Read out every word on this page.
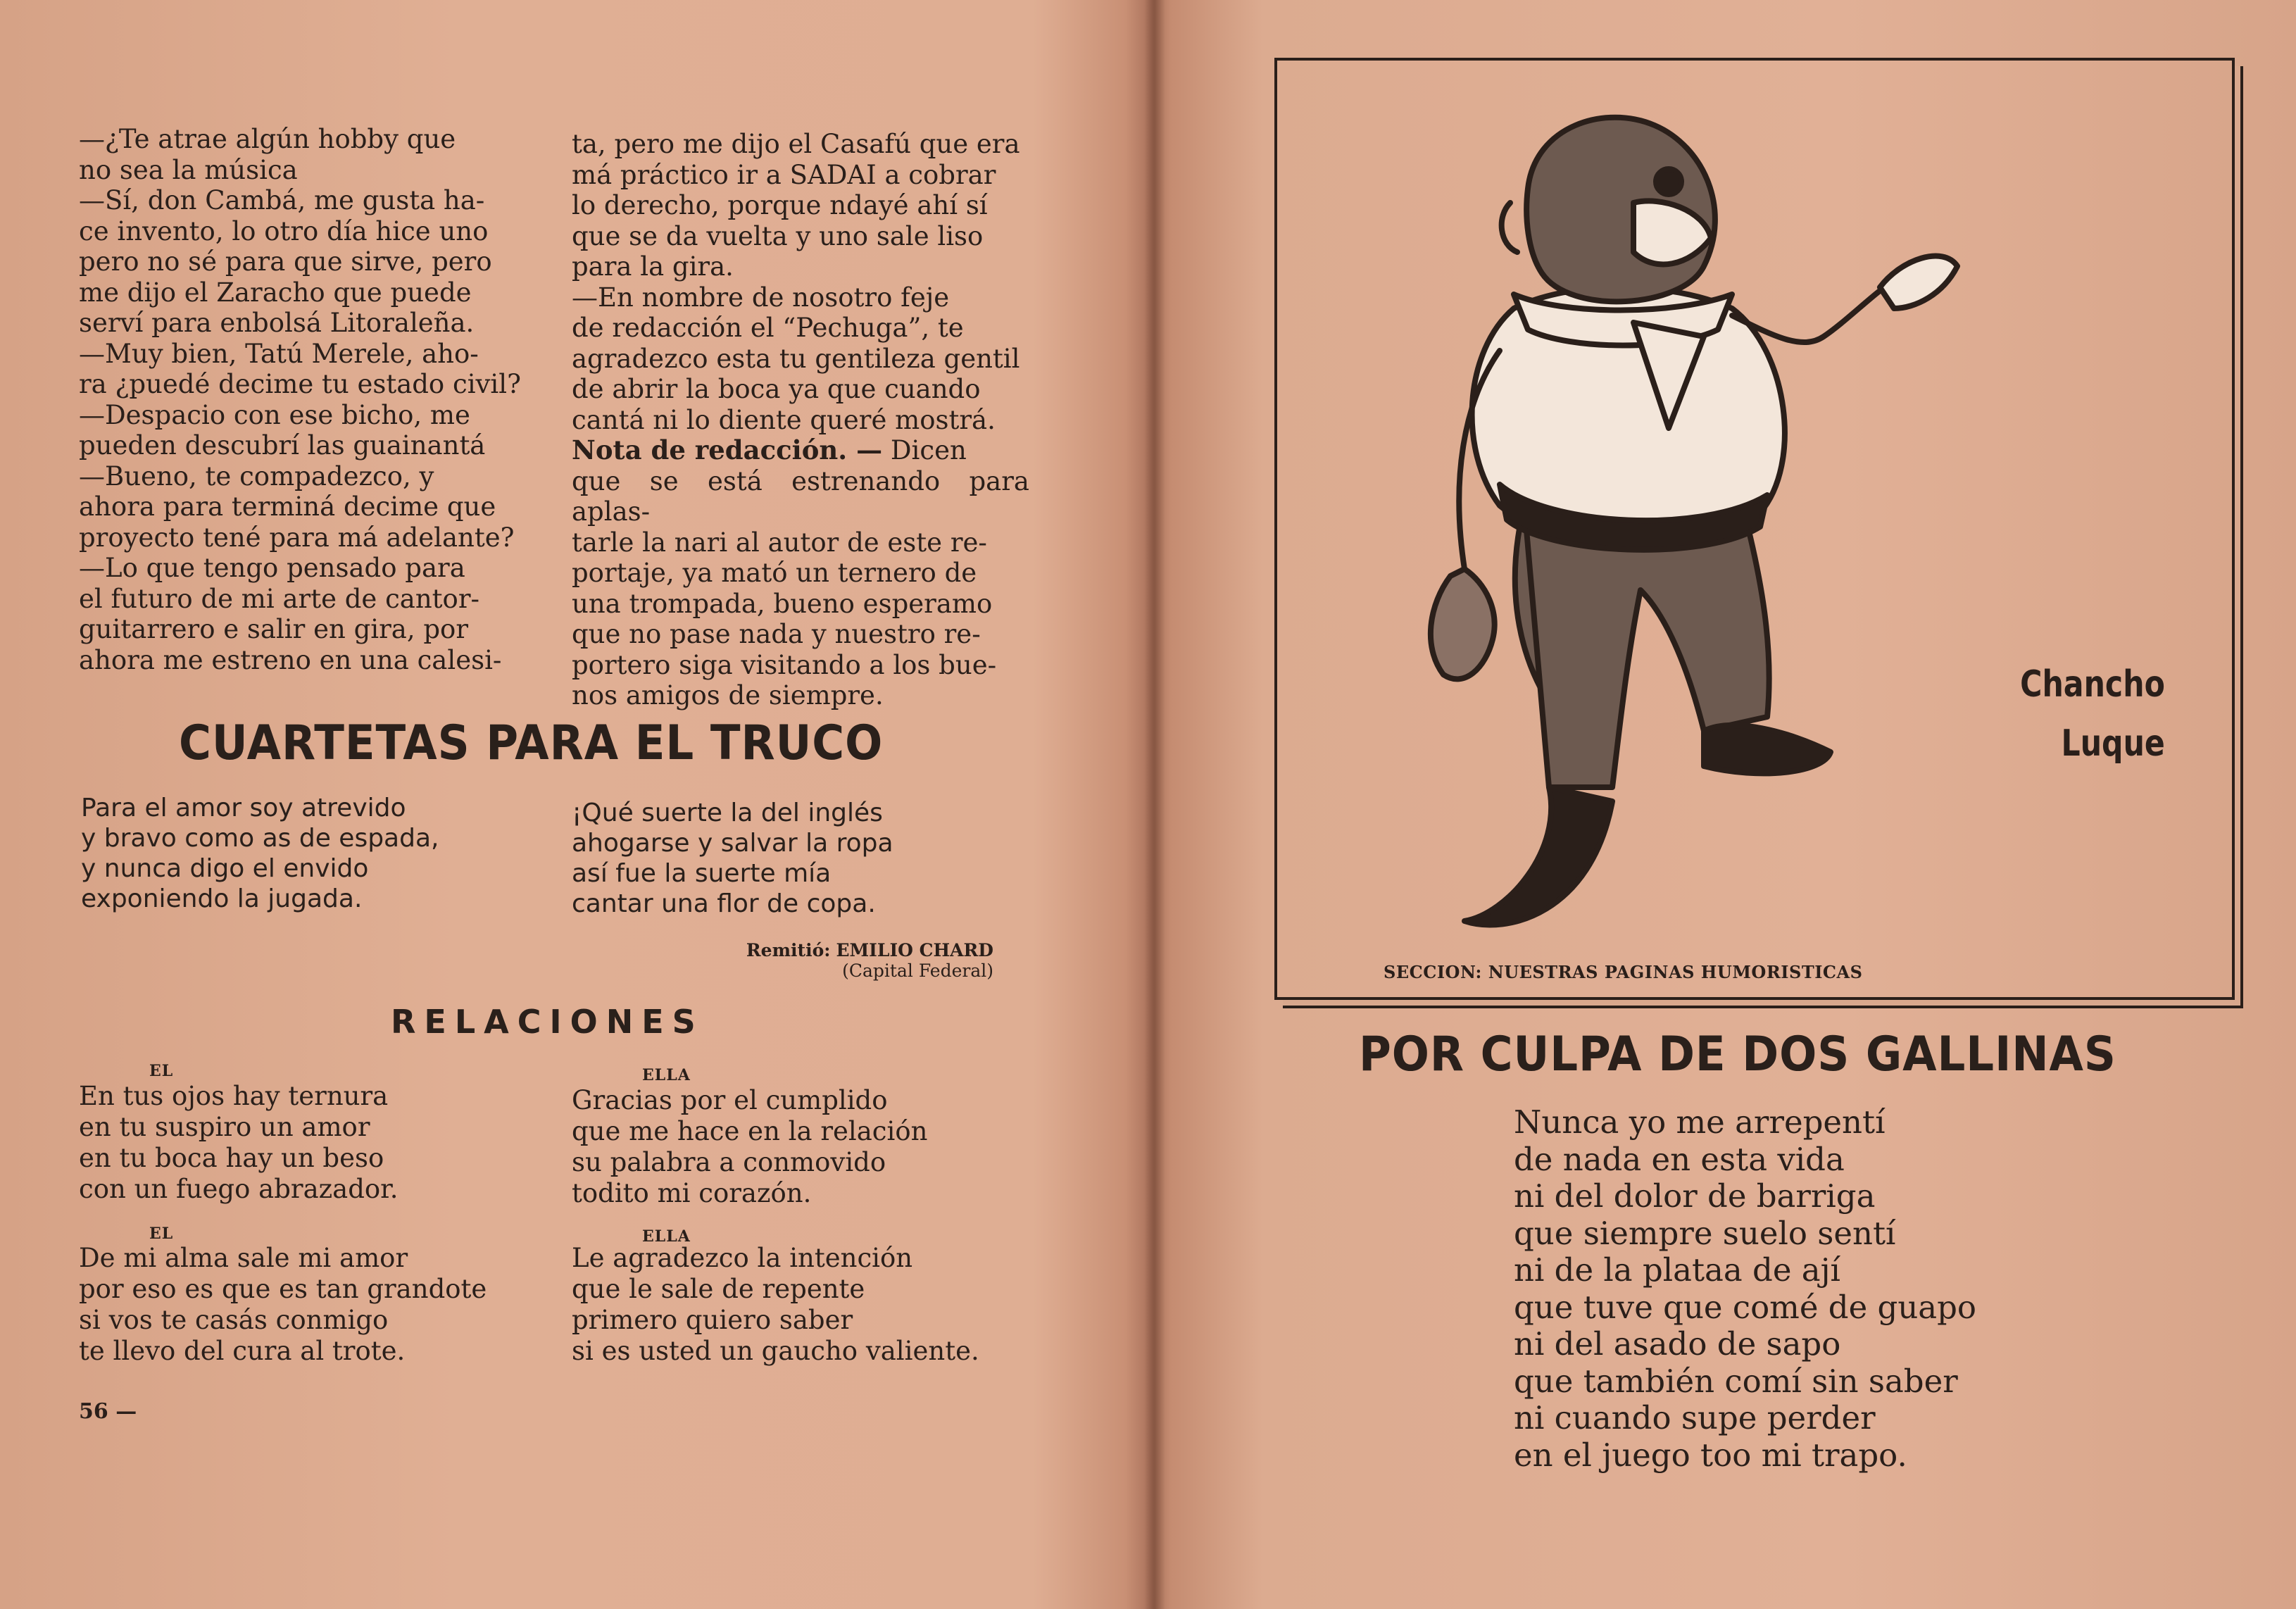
—¿Te atrae algún hobby que
no sea la música
—Sí, don Cambá, me gusta ha-
ce invento, lo otro día hice uno
pero no sé para que sirve, pero
me dijo el Zaracho que puede
serví para enbolsá Litoraleña.
—Muy bien, Tatú Merele, aho-
ra ¿puedé decime tu estado civil?
—Despacio con ese bicho, me
pueden descubrí las guainantá
—Bueno, te compadezco, y
ahora para terminá decime que
proyecto tené para má adelante?
—Lo que tengo pensado para
el futuro de mi arte de cantor-
guitarrero e salir en gira, por
ahora me estreno en una calesi-
ta, pero me dijo el Casafú que era
má práctico ir a SADAI a cobrar
lo derecho, porque ndayé ahí sí
que se da vuelta y uno sale liso
para la gira.
—En nombre de nosotro feje
de redacción el “Pechuga”, te
agradezco esta tu gentileza gentil
de abrir la boca ya que cuando
cantá ni lo diente queré mostrá.

Nota de redacción. — Dicen

que se está estrenando para aplas-
tarle la nari al autor de este re-
portaje, ya mató un ternero de
una trompada, bueno esperamo
que no pase nada y nuestro re-
portero siga visitando a los bue-
nos amigos de siempre.
CUARTETAS PARA EL TRUCO
Para el amor soy atrevido
y bravo como as de espada,
y nunca digo el envido
exponiendo la jugada.
¡Qué suerte la del inglés
ahogarse y salvar la ropa
así fue la suerte mía
cantar una flor de copa.
Remitió: EMILIO CHARD
(Capital Federal)
RELACIONES
EL
En tus ojos hay ternura
en tu suspiro un amor
en tu boca hay un beso
con un fuego abrazador.
ELLA
Gracias por el cumplido
que me hace en la relación
su palabra a conmovido
todito mi corazón.
EL
De mi alma sale mi amor
por eso es que es tan grandote
si vos te casás conmigo
te llevo del cura al trote.
ELLA
Le agradezco la intención
que le sale de repente
primero quiero saber
si es usted un gaucho valiente.
56 —
Chancho
Luque
SECCION: NUESTRAS PAGINAS HUMORISTICAS
POR CULPA DE DOS GALLINAS
Nunca yo me arrepentí
de nada en esta vida
ni del dolor de barriga
que siempre suelo sentí
ni de la plataa de ají
que tuve que comé de guapo
ni del asado de sapo
que también comí sin saber
ni cuando supe perder
en el juego too mi trapo.
